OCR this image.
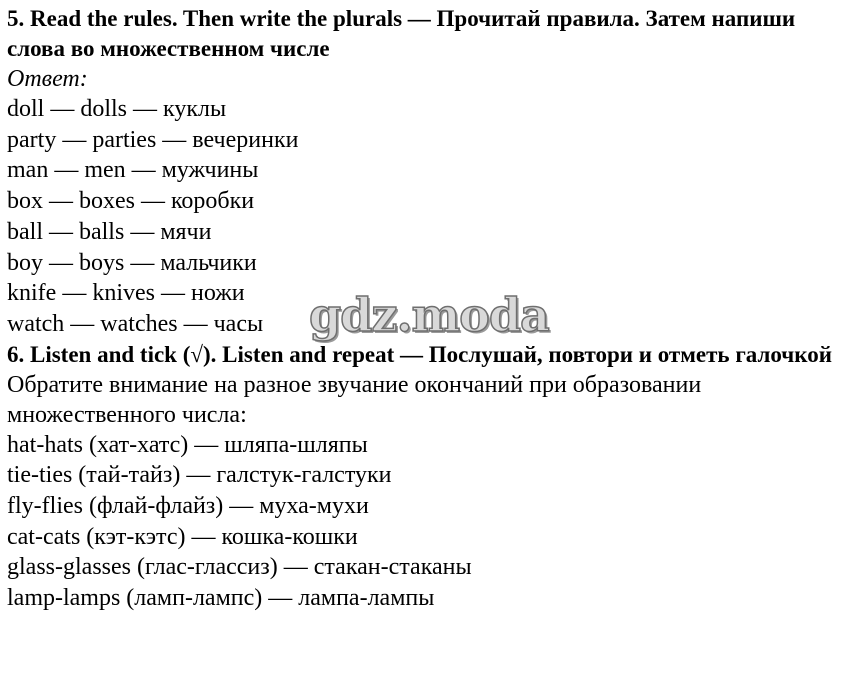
5. Read the rules. Then write the plurals — Прочитай правила. Затем напиши слова во множественном числе

Ответ:

doll — dolls — куклы

party — parties — вечеринки

man — men — мужчины

box — boxes — коробки

ball — balls — мячи

boy — boys — мальчики

knife — knives — ножи

watch — watches — часы

6. Listen and tick (√). Listen and repeat — Послушай, повтори и отметь галочкой

Обратите внимание на разное звучание окончаний при образовании множественного числа:

hat-hats (хат-хатс) — шляпа-шляпы

tie-ties (тай-тайз) — галстук-галстуки

fly-flies (флай-флайз) — муха-мухи

cat-cats (кэт-кэтс) — кошка-кошки

glass-glasses (глас-глассиз) — стакан-стаканы

lamp-lamps (ламп-лампс) — лампа-лампы

gdz.moda
